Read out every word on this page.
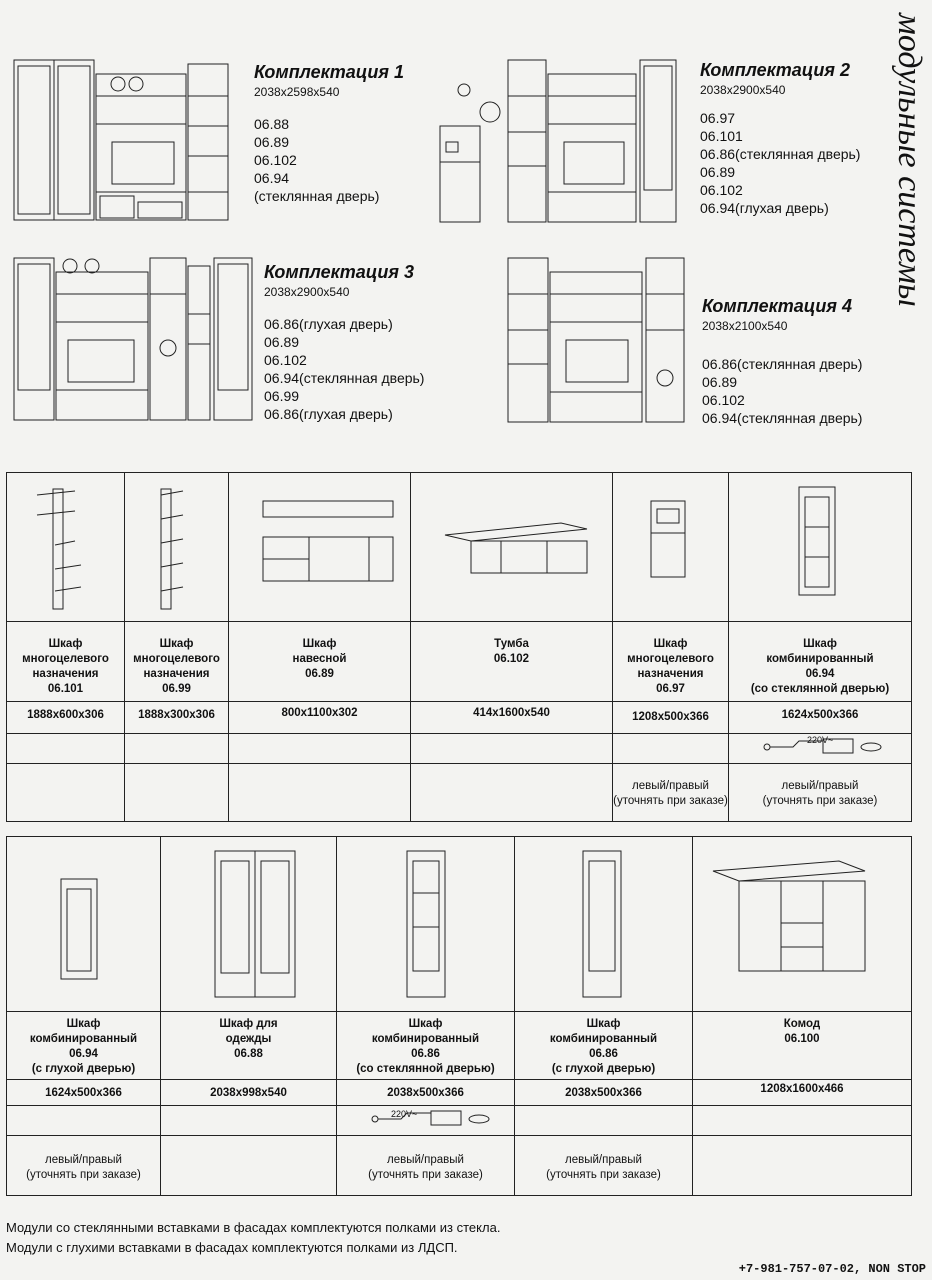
модульные системы
Комплектация 1
2038x2598x540
06.88
06.89
06.102
06.94
(стеклянная дверь)
Комплектация 2
2038x2900x540
06.97
06.101
06.86(стеклянная дверь)
06.89
06.102
06.94(глухая дверь)
Комплектация 3
2038x2900x540
06.86(глухая дверь)
06.89
06.102
06.94(стеклянная дверь)
06.99
06.86(глухая дверь)
Комплектация 4
2038x2100x540
06.86(стеклянная дверь)
06.89
06.102
06.94(стеклянная дверь)
Шкаф
многоцелевого
назначения
06.101
1888x600x306
Шкаф
многоцелевого
назначения
06.99
1888x300x306
Шкаф
навесной
06.89
800x1100x302
Тумба
06.102
414x1600x540
Шкаф
многоцелевого
назначения
06.97
1208x500x366
левый/правый
(уточнять при заказе)
Шкаф
комбинированный
06.94
(со стеклянной дверью)
1624x500x366
220V~
левый/правый
(уточнять при заказе)
Шкаф
комбинированный
06.94
(с глухой дверью)
1624x500x366
левый/правый
(уточнять при заказе)
Шкаф для
одежды
06.88
2038x998x540
Шкаф
комбинированный
06.86
(со стеклянной дверью)
2038x500x366
220V~
левый/правый
(уточнять при заказе)
Шкаф
комбинированный
06.86
(с глухой дверью)
2038x500x366
левый/правый
(уточнять при заказе)
Комод
06.100
1208x1600x466
Модули со стеклянными вставками в фасадах комплектуются полками из стекла.
Модули с глухими вставками в фасадах комплектуются полками из ЛДСП.
+7-981-757-07-02, NON STOP
